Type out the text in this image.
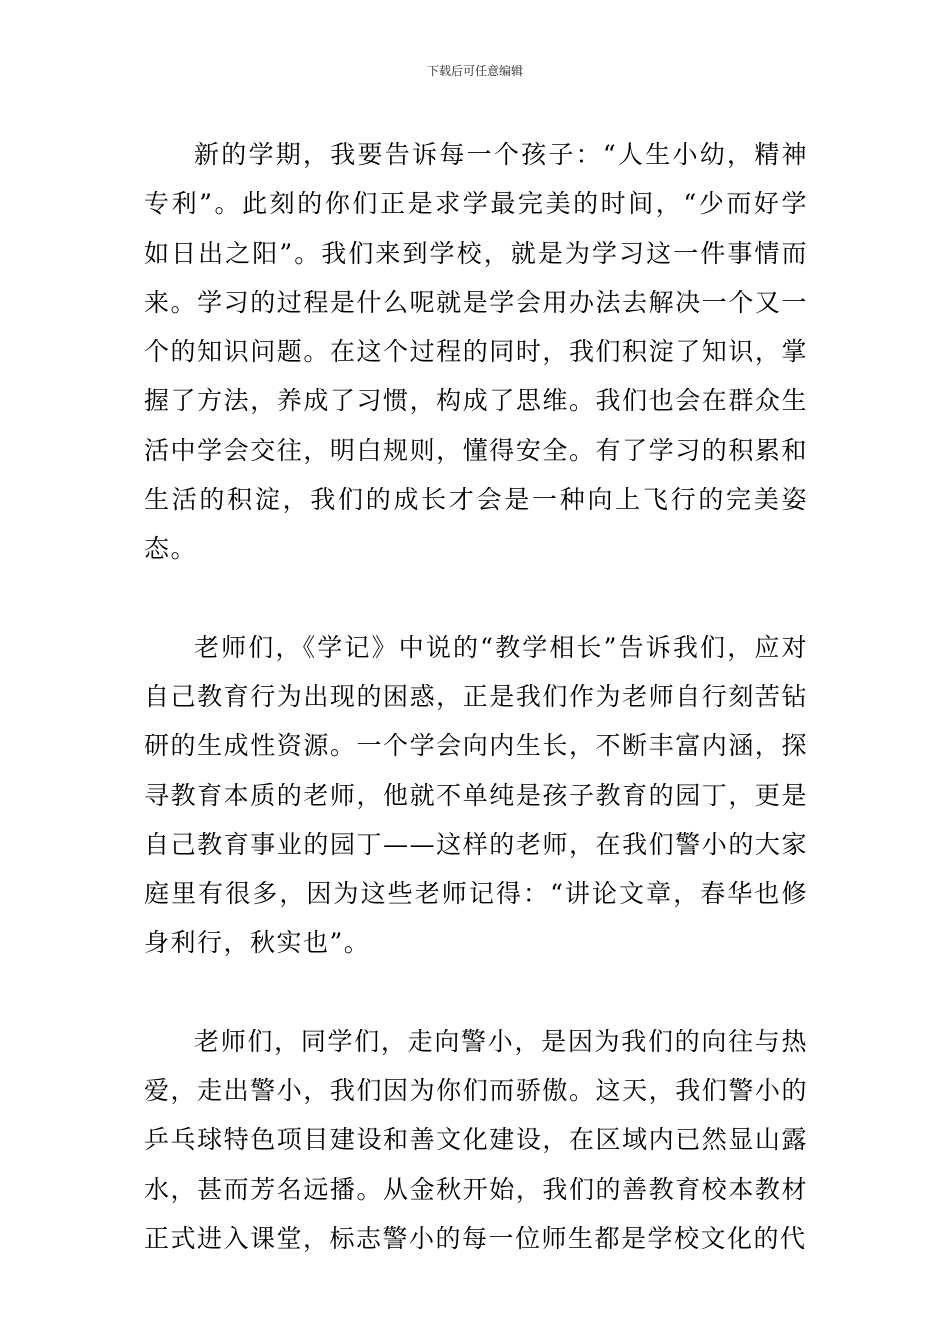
下载后可任意编辑

新的学期，我要告诉每一个孩子：“人生小幼，精神专利”。此刻的你们正是求学最完美的时间，“少而好学如日出之阳”。我们来到学校，就是为学习这一件事情而来。学习的过程是什么呢就是学会用办法去解决一个又一个的知识问题。在这个过程的同时，我们积淀了知识，掌握了方法，养成了习惯，构成了思维。我们也会在群众生活中学会交往，明白规则，懂得安全。有了学习的积累和生活的积淀，我们的成长才会是一种向上飞行的完美姿态。

老师们，《学记》中说的“教学相长”告诉我们，应对自己教育行为出现的困惑，正是我们作为老师自行刻苦钻研的生成性资源。一个学会向内生长，不断丰富内涵，探寻教育本质的老师，他就不单纯是孩子教育的园丁，更是自己教育事业的园丁——这样的老师，在我们警小的大家庭里有很多，因为这些老师记得：“讲论文章，春华也修身利行，秋实也”。

老师们，同学们，走向警小，是因为我们的向往与热爱，走出警小，我们因为你们而骄傲。这天，我们警小的乒乓球特色项目建设和善文化建设，在区域内已然显山露水，甚而芳名远播。从金秋开始，我们的善教育校本教材正式进入课堂，标志警小的每一位师生都是学校文化的代
